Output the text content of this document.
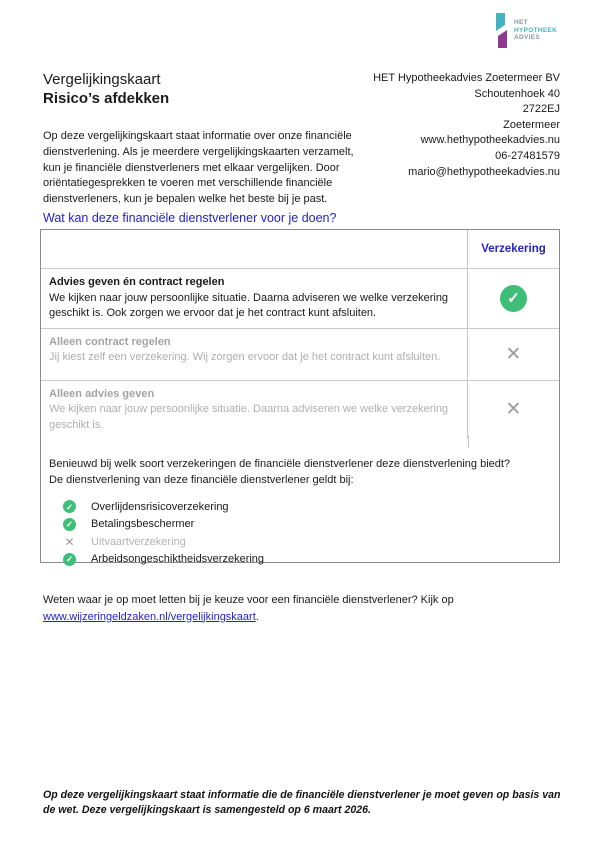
HET
HYPOTHEEK
ADVIES
Vergelijkingskaart
Risico’s afdekken
HET Hypotheekadvies Zoetermeer BV
Schoutenhoek 40
2722EJ
Zoetermeer
www.hethypotheekadvies.nu
06-27481579
mario@hethypotheekadvies.nu

Op deze vergelijkingskaart staat informatie over onze financiële dienstverlening. Als je meerdere vergelijkingskaarten verzamelt, kun je financiële dienstverleners met elkaar vergelijken. Door oriëntatiegesprekken te voeren met verschillende financiële dienstverleners, kun je bepalen welke het beste bij je past.

Wat kan deze financiële dienstverlener voor je doen?
Verzekering
Advies geven én contract regelen
We kijken naar jouw persoonlijke situatie. Daarna adviseren we welke verzekering geschikt is. Ook zorgen we ervoor dat je het contract kunt afsluiten.
✓
Alleen contract regelen
Jij kiest zelf een verzekering. Wij zorgen ervoor dat je het contract kunt afsluiten.	✕
Alleen advies geven
We kijken naar jouw persoonlijke situatie. Daarna adviseren we welke verzekering geschikt is.
✕
Benieuwd bij welk soort verzekeringen de financiële dienstverlener deze dienstverlening biedt?
De dienstverlening van deze financiële dienstverlener geldt bij:
✓ Overlijdensrisicoverzekering
✓ Betalingsbeschermer
✕ Uitvaartverzekering
✓ Arbeidsongeschiktheidsverzekering

Weten waar je op moet letten bij je keuze voor een financiële dienstverlener? Kijk op www.wijzeringeldzaken.nl/vergelijkingskaart.

Op deze vergelijkingskaart staat informatie die de financiële dienstverlener je moet geven op basis van de wet. Deze vergelijkingskaart is samengesteld op 6 maart 2026.
